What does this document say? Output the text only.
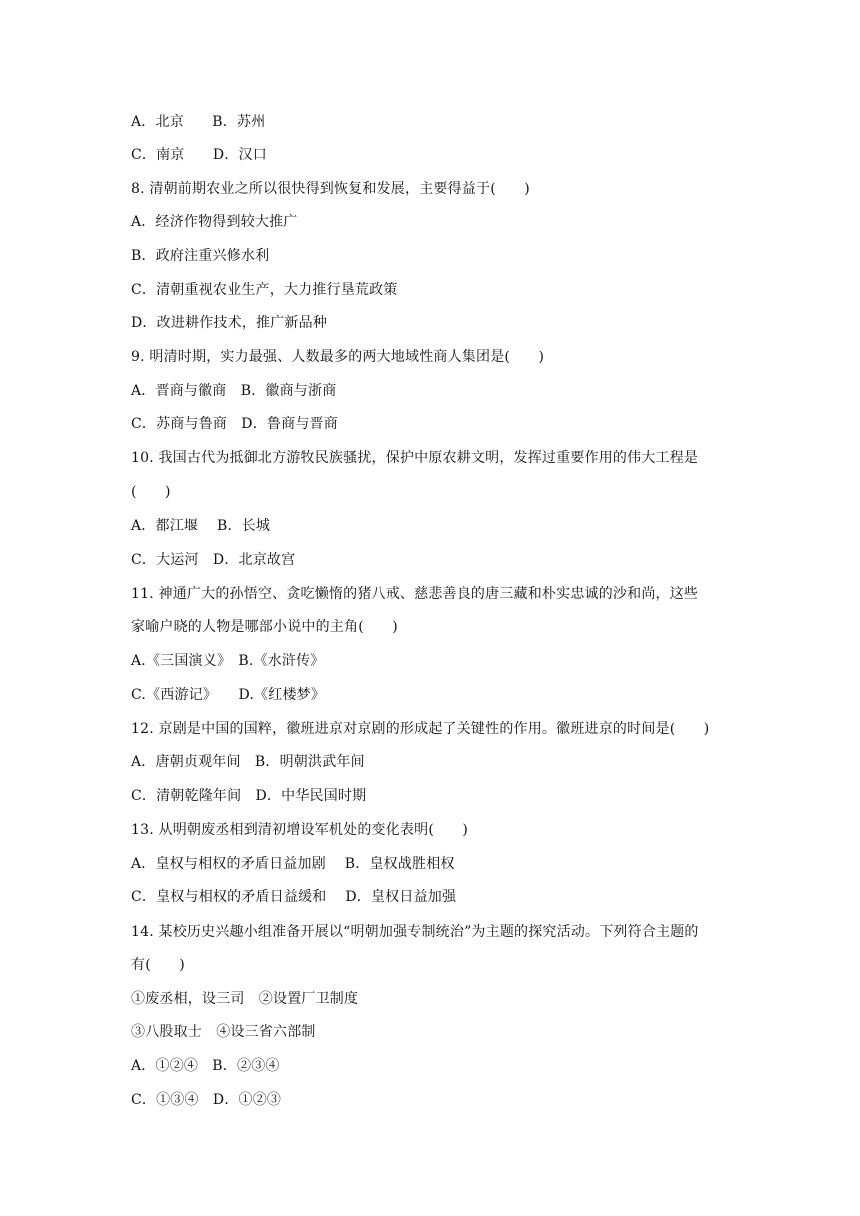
A．北京　　B．苏州
C．南京　　D．汉口
8. 清朝前期农业之所以很快得到恢复和发展，主要得益于(　　)
A．经济作物得到较大推广
B．政府注重兴修水利
C．清朝重视农业生产，大力推行垦荒政策
D．改进耕作技术，推广新品种
9. 明清时期，实力最强、人数最多的两大地域性商人集团是(　　)
A．晋商与徽商　B．徽商与浙商
C．苏商与鲁商　D．鲁商与晋商
10. 我国古代为抵御北方游牧民族骚扰，保护中原农耕文明，发挥过重要作用的伟大工程是
(　　)
A．都江堰　 B．长城
C．大运河　D．北京故宫
11. 神通广大的孙悟空、贪吃懒惰的猪八戒、慈悲善良的唐三藏和朴实忠诚的沙和尚，这些
家喻户晓的人物是哪部小说中的主角(　　)
A.《三国演义》　B.《水浒传》
C.《西游记》　　D.《红楼梦》
12. 京剧是中国的国粹，徽班进京对京剧的形成起了关键性的作用。徽班进京的时间是(　　)
A．唐朝贞观年间　B．明朝洪武年间
C．清朝乾隆年间　D．中华民国时期
13. 从明朝废丞相到清初增设军机处的变化表明(　　)
A．皇权与相权的矛盾日益加剧　 B．皇权战胜相权
C．皇权与相权的矛盾日益缓和　 D．皇权日益加强
14. 某校历史兴趣小组准备开展以“明朝加强专制统治”为主题的探究活动。下列符合主题的
有(　　)
①废丞相，设三司　②设置厂卫制度
③八股取士　④设三省六部制
A．①②④　B．②③④
C．①③④　D．①②③
